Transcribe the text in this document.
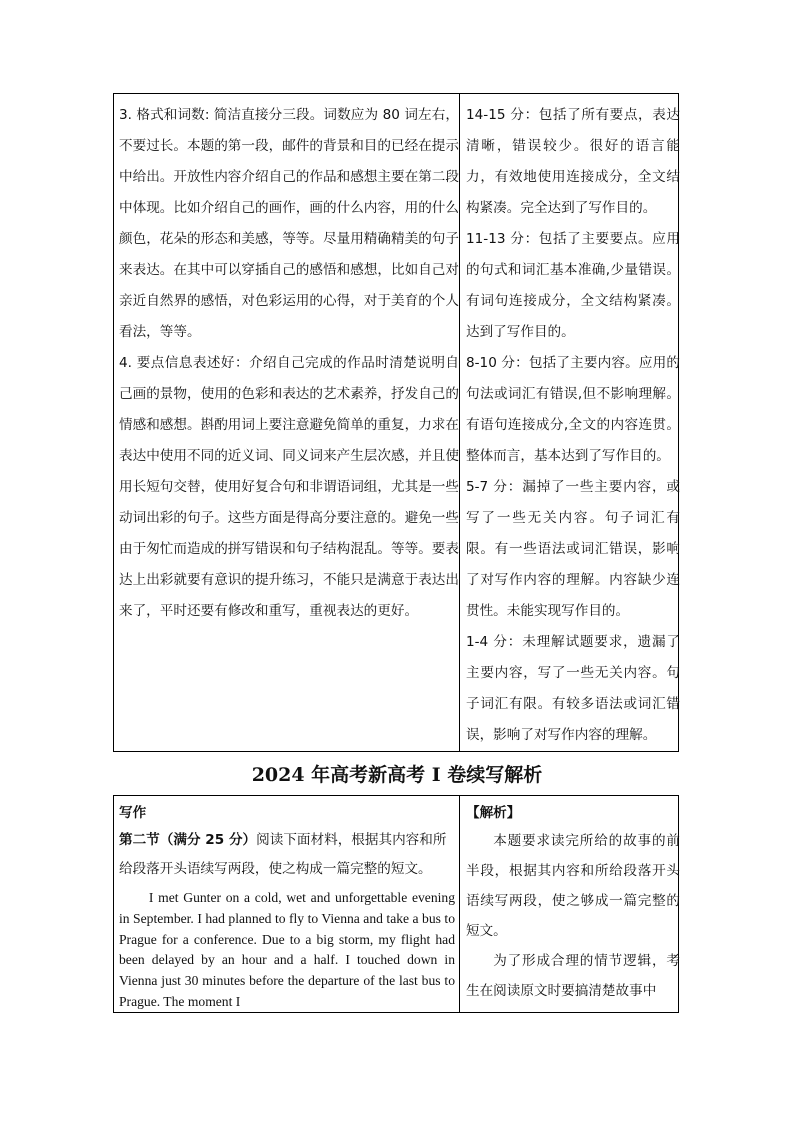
3. 格式和词数: 简洁直接分三段。词数应为 80 词左右，不要过长。本题的第一段，邮件的背景和目的已经在提示中给出。开放性内容介绍自己的作品和感想主要在第二段中体现。比如介绍自己的画作，画的什么内容，用的什么颜色，花朵的形态和美感，等等。尽量用精确精美的句子来表达。在其中可以穿插自己的感悟和感想，比如自己对亲近自然界的感悟，对色彩运用的心得，对于美育的个人看法，等等。

4. 要点信息表述好：介绍自己完成的作品时清楚说明自己画的景物，使用的色彩和表达的艺术素养，抒发自己的情感和感想。斟酌用词上要注意避免简单的重复，力求在表达中使用不同的近义词、同义词来产生层次感，并且使用长短句交替，使用好复合句和非谓语词组，尤其是一些动词出彩的句子。这些方面是得高分要注意的。避免一些由于匆忙而造成的拼写错误和句子结构混乱。等等。要表达上出彩就要有意识的提升练习，不能只是满意于表达出来了，平时还要有修改和重写，重视表达的更好。

14-15 分：包括了所有要点，表达清晰，错误较少。很好的语言能力，有效地使用连接成分，全文结构紧凑。完全达到了写作目的。

11-13 分：包括了主要要点。应用的句式和词汇基本准确,少量错误。有词句连接成分，全文结构紧凑。达到了写作目的。

8-10 分：包括了主要内容。应用的句法或词汇有错误,但不影响理解。有语句连接成分,全文的内容连贯。整体而言，基本达到了写作目的。

5-7 分：漏掉了一些主要内容，或写了一些无关内容。句子词汇有限。有一些语法或词汇错误，影响了对写作内容的理解。内容缺少连贯性。未能实现写作目的。

1-4 分：未理解试题要求，遗漏了主要内容，写了一些无关内容。句子词汇有限。有较多语法或词汇错误，影响了对写作内容的理解。

2024 年高考新高考 I 卷续写解析

写作

第二节（满分 25 分）阅读下面材料，根据其内容和所给段落开头语续写两段，使之构成一篇完整的短文。

I met Gunter on a cold, wet and unforgettable evening in September. I had planned to fly to Vienna and take a bus to Prague for a conference. Due to a big storm, my flight had been delayed by an hour and a half. I touched down in Vienna just 30 minutes before the departure of the last bus to Prague. The moment I

【解析】

本题要求读完所给的故事的前半段，根据其内容和所给段落开头语续写两段，使之够成一篇完整的短文。

为了形成合理的情节逻辑，考生在阅读原文时要搞清楚故事中
